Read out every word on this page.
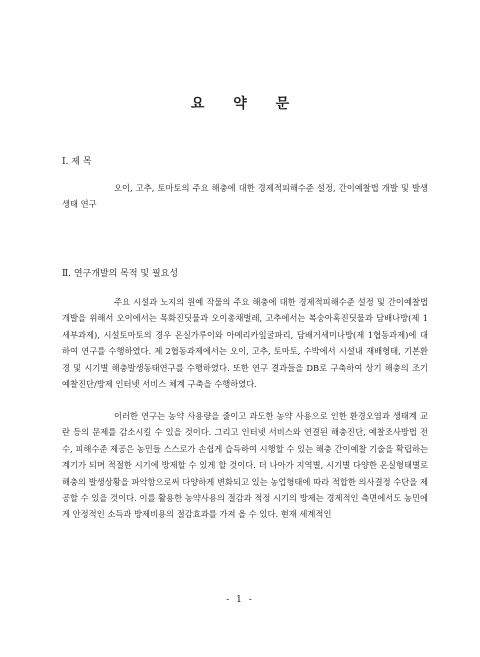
요 약 문
Ⅰ. 제 목

오이, 고추, 토마토의 주요 해충에 대한 경제적피해수준 설정, 간이예찰법 개발 및 발생생태 연구

Ⅱ. 연구개발의 목적 및 필요성

주요 시설과 노지의 원예 작물의 주요 해충에 대한 경제적피해수준 설정 및 간이예찰법 개발을 위해서 오이에서는 목화진딧물과 오이총채벌레, 고추에서는 복숭아혹진딧물과 담배나방(제 1세부과제), 시설토마토의 경우 온실가루이와 아메리카잎굴파리, 담배거세미나방(제 1협동과제)에 대하여 연구를 수행하였다. 제 2협동과제에서는 오이, 고추, 토마토, 수박에서 시설내 재배형태, 기본환경 및 시기별 해충발생동태연구를 수행하였다. 또한 연구 결과들을 DB로 구축하여 상기 해충의 조기 예찰진단/방제 인터넷 서비스 체계 구축을 수행하였다.

이러한 연구는 농약 사용량을 줄이고 과도한 농약 사용으로 인한 환경오염과 생태계 교란 등의 문제를 감소시킬 수 있을 것이다. 그리고 인터넷 서비스와 연결된 해충진단, 예찰조사방법 전수, 피해수준 제공은 농민들 스스로가 손쉽게 습득하여 시행할 수 있는 해충 간이예찰 기술을 확립하는 계기가 되며 적절한 시기에 방제할 수 있게 할 것이다. 더 나아가 지역별, 시기별 다양한 온실형태별로 해충의 발생상황을 파악함으로써 다양하게 변화되고 있는 농업형태에 따라 적합한 의사결정 수단을 제공할 수 있을 것이다. 이를 활용한 농약사용의 절감과 적정 시기의 방제는 경제적인 측면에서도 농민에게 안정적인 소득과 방제비용의 절감효과를 가져 올 수 있다. 현재 세계적인

- 1 -
